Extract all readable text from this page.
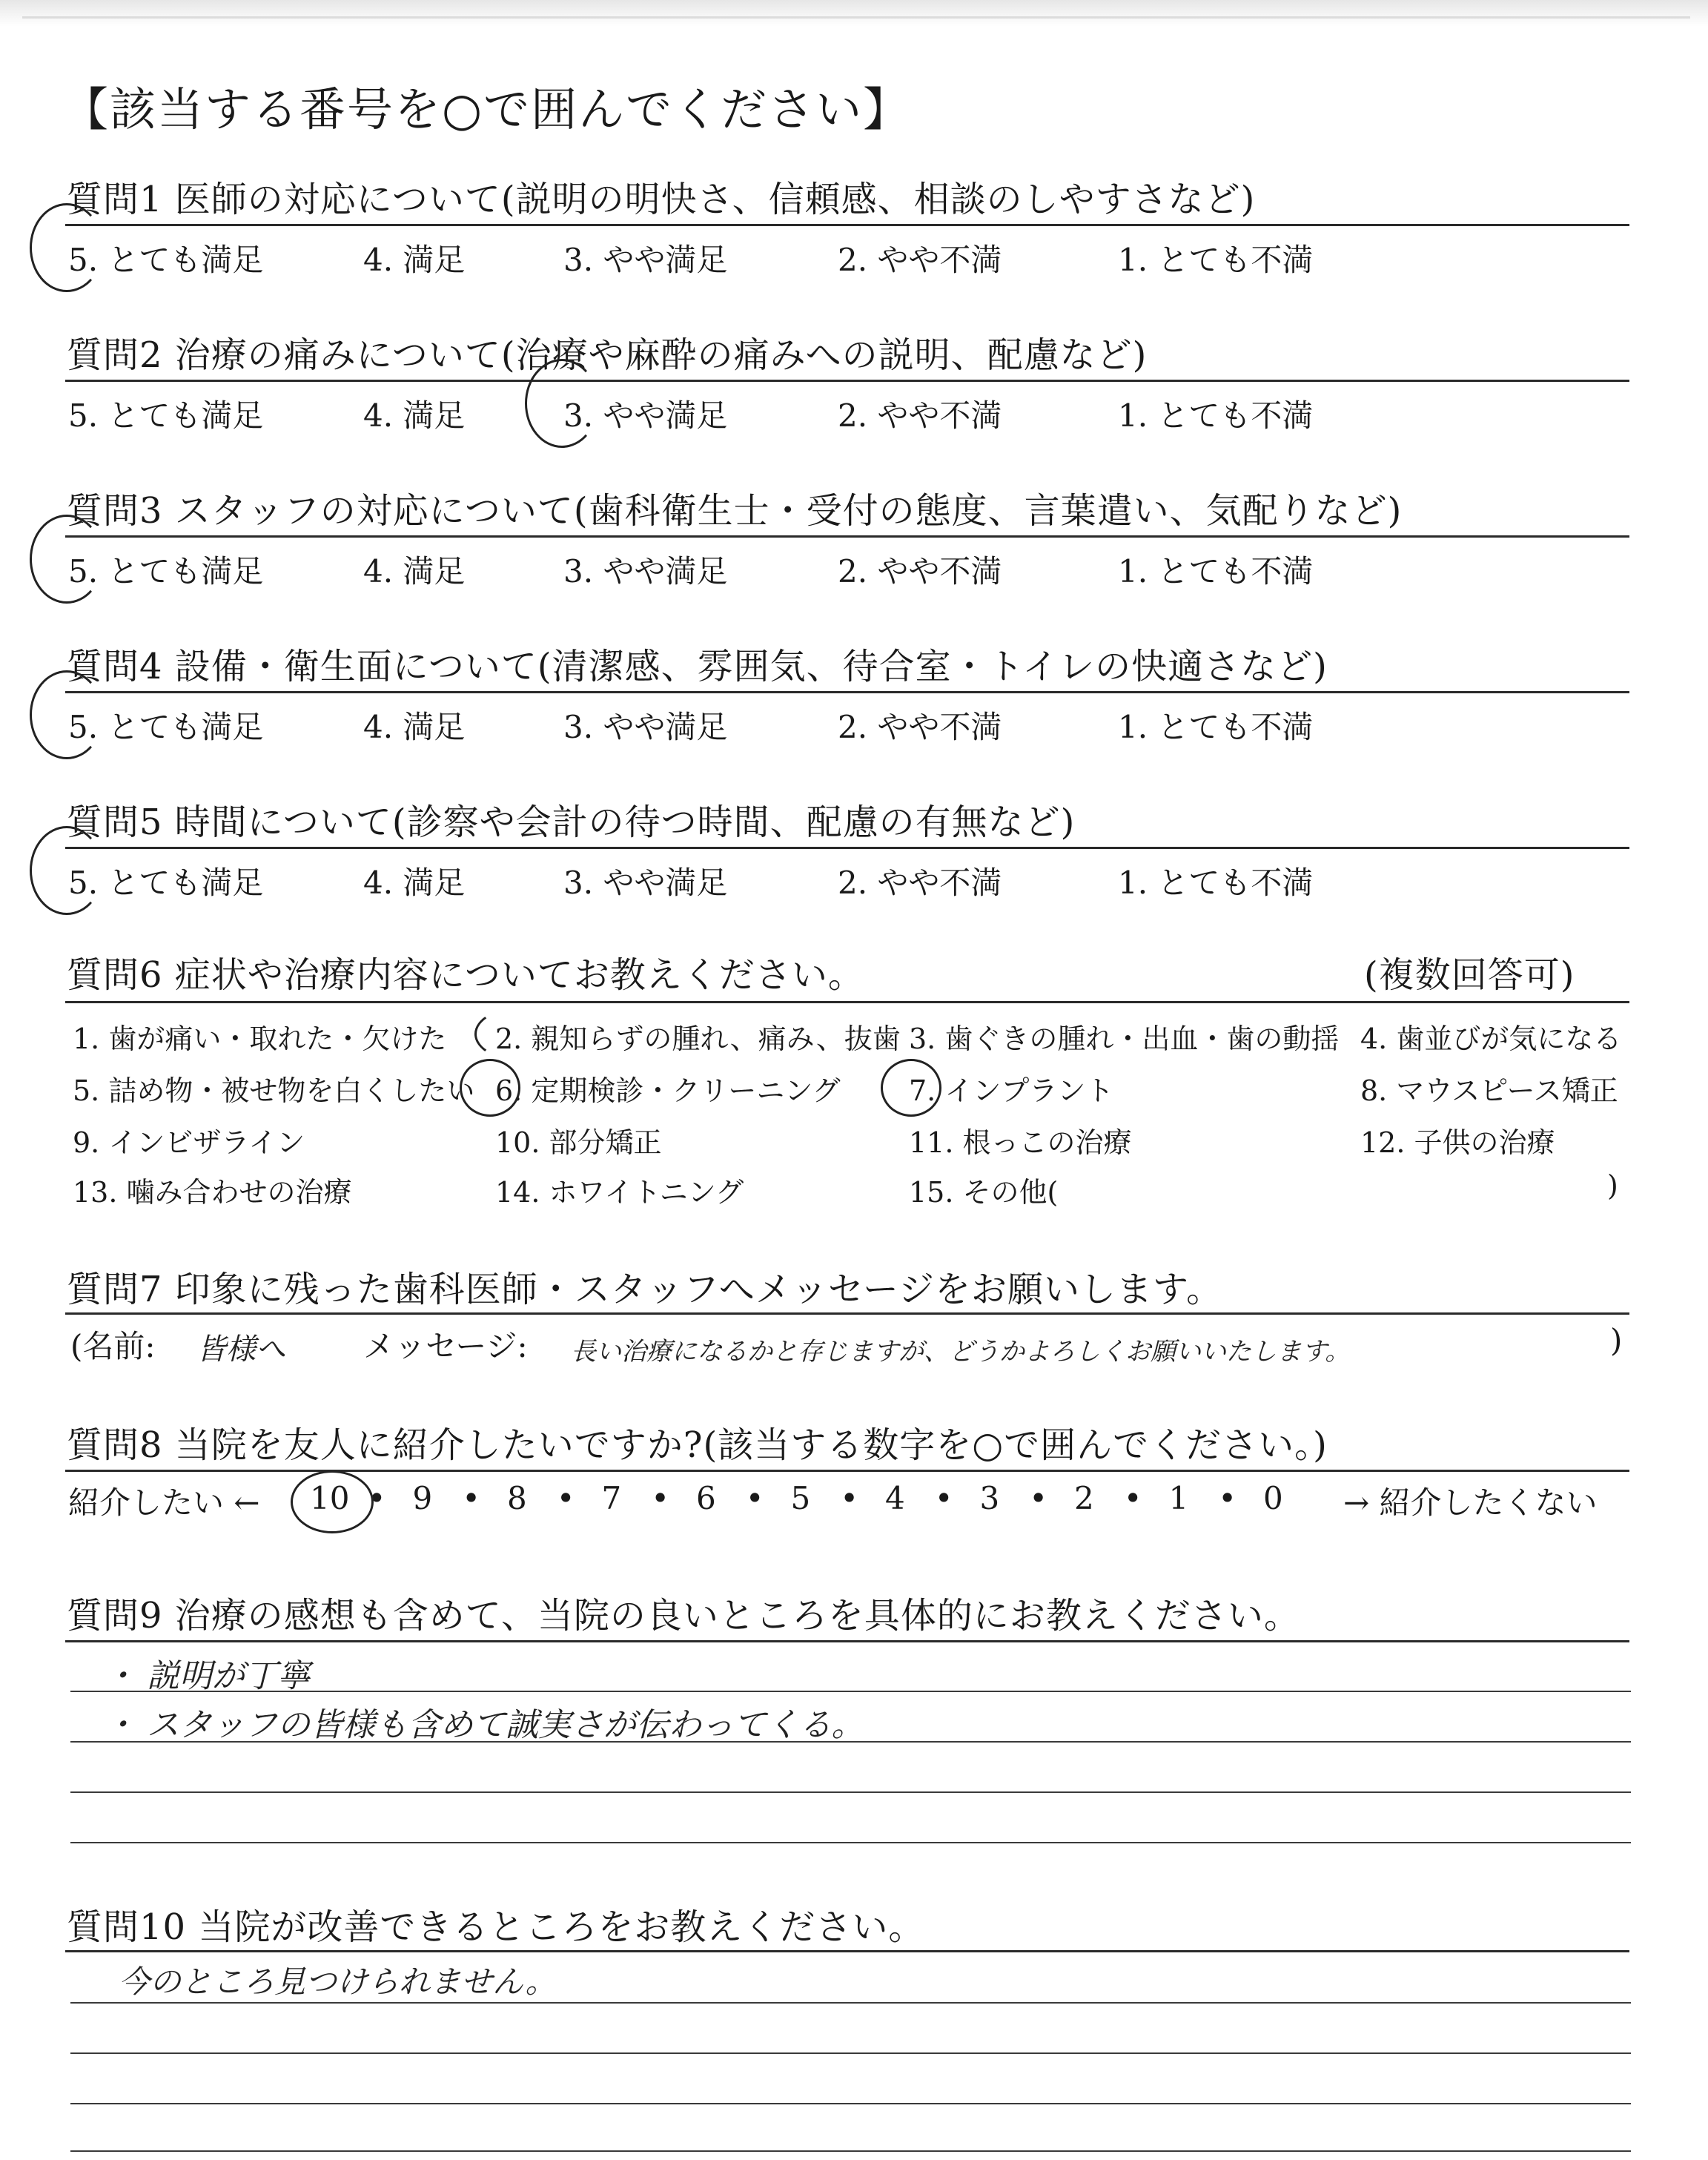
【該当する番号を○で囲んでください】
質問1 医師の対応について(説明の明快さ、信頼感、相談のしやすさなど)
5. とても満足	4. 満足	3. やや満足	2. やや不満	1. とても不満
質問2 治療の痛みについて(治療や麻酔の痛みへの説明、配慮など)
5. とても満足	4. 満足	3. やや満足	2. やや不満	1. とても不満
質問3 スタッフの対応について(歯科衛生士・受付の態度、言葉遣い、気配りなど)
5. とても満足	4. 満足	3. やや満足	2. やや不満	1. とても不満
質問4 設備・衛生面について(清潔感、雰囲気、待合室・トイレの快適さなど)
5. とても満足	4. 満足	3. やや満足	2. やや不満	1. とても不満
質問5 時間について(診察や会計の待つ時間、配慮の有無など)
5. とても満足	4. 満足	3. やや満足	2. やや不満	1. とても不満
質問6 症状や治療内容についてお教えください。	(複数回答可)
1. 歯が痛い・取れた・欠けた 2. 親知らずの腫れ、痛み、抜歯 3. 歯ぐきの腫れ・出血・歯の動揺 4. 歯並びが気になる
5. 詰め物・被せ物を白くしたい 6. 定期検診・クリーニング 7. インプラント	8. マウスピース矯正
9. インビザライン	10. 部分矯正	11. 根っこの治療	12. 子供の治療
13. 噛み合わせの治療	14. ホワイトニング	15. その他(	)
質問7 印象に残った歯科医師・スタッフへメッセージをお願いします。
(名前: 皆様へ	メッセージ: 長い治療になるかと存じますが、どうかよろしくお願いいたします。	)
質問8 当院を友人に紹介したいですか?(該当する数字を○で囲んでください。)
紹介したい ← 10 • 9 • 8 • 7 • 6 • 5 • 4 • 3 • 2 • 1 • 0 → 紹介したくない
質問9 治療の感想も含めて、当院の良いところを具体的にお教えください。
・ 説明が丁寧
・ スタッフの皆様も含めて誠実さが伝わってくる。
質問10 当院が改善できるところをお教えください。
今のところ見つけられません。
